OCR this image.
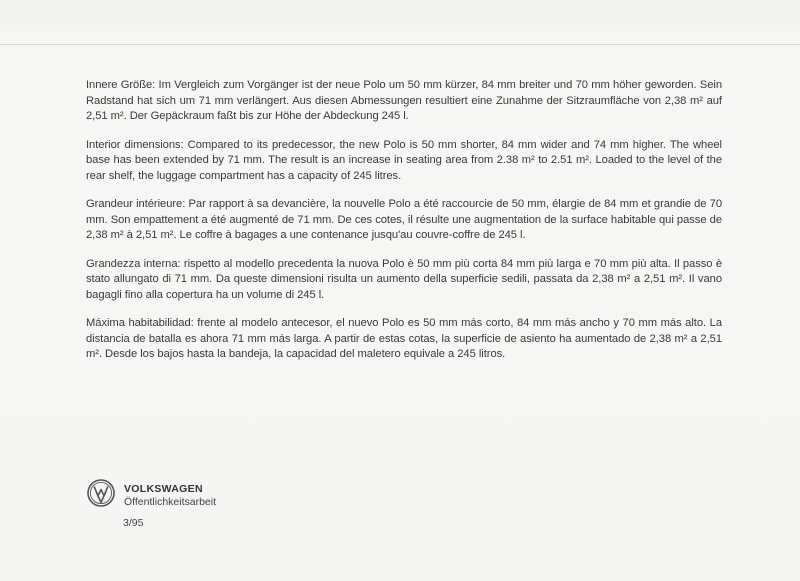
Innere Größe: Im Vergleich zum Vorgänger ist der neue Polo um 50 mm kürzer, 84 mm breiter und 70 mm höher geworden. Sein Radstand hat sich um 71 mm verlängert. Aus diesen Abmessungen resultiert eine Zunahme der Sitzraumfläche von 2,38 m² auf 2,51 m². Der Gepäckraum faßt bis zur Höhe der Abdeckung 245 l.

Interior dimensions: Compared to its predecessor, the new Polo is 50 mm shorter, 84 mm wider and 74 mm higher. The wheel base has been extended by 71 mm. The result is an increase in seating area from 2.38 m² to 2.51 m². Loaded to the level of the rear shelf, the luggage compartment has a capacity of 245 litres.

Grandeur intérieure: Par rapport à sa devancière, la nouvelle Polo a été raccourcie de 50 mm, élargie de 84 mm et grandie de 70 mm. Son empattement a été augmenté de 71 mm. De ces cotes, il résulte une augmentation de la surface habitable qui passe de 2,38 m² à 2,51 m². Le coffre à bagages a une contenance jusqu'au couvre-coffre de 245 l.

Grandezza interna: rispetto al modello precedenta la nuova Polo è 50 mm più corta 84 mm più larga e 70 mm più alta. Il passo è stato allungato di 71 mm. Da queste dimensioni risulta un aumento della superficie sedili, passata da 2,38 m² a 2,51 m². Il vano bagagli fino alla copertura ha un volume di 245 l.

Máxima habitabilidad: frente al modelo antecesor, el nuevo Polo es 50 mm más corto, 84 mm más ancho y 70 mm más alto. La distancia de batalla es ahora 71 mm más larga. A partir de estas cotas, la superficie de asiento ha aumentado de 2,38 m² a 2,51 m². Desde los bajos hasta la bandeja, la capacidad del maletero equivale a 245 litros.

VOLKSWAGEN
Öffentlichkeitsarbeit
3/95
